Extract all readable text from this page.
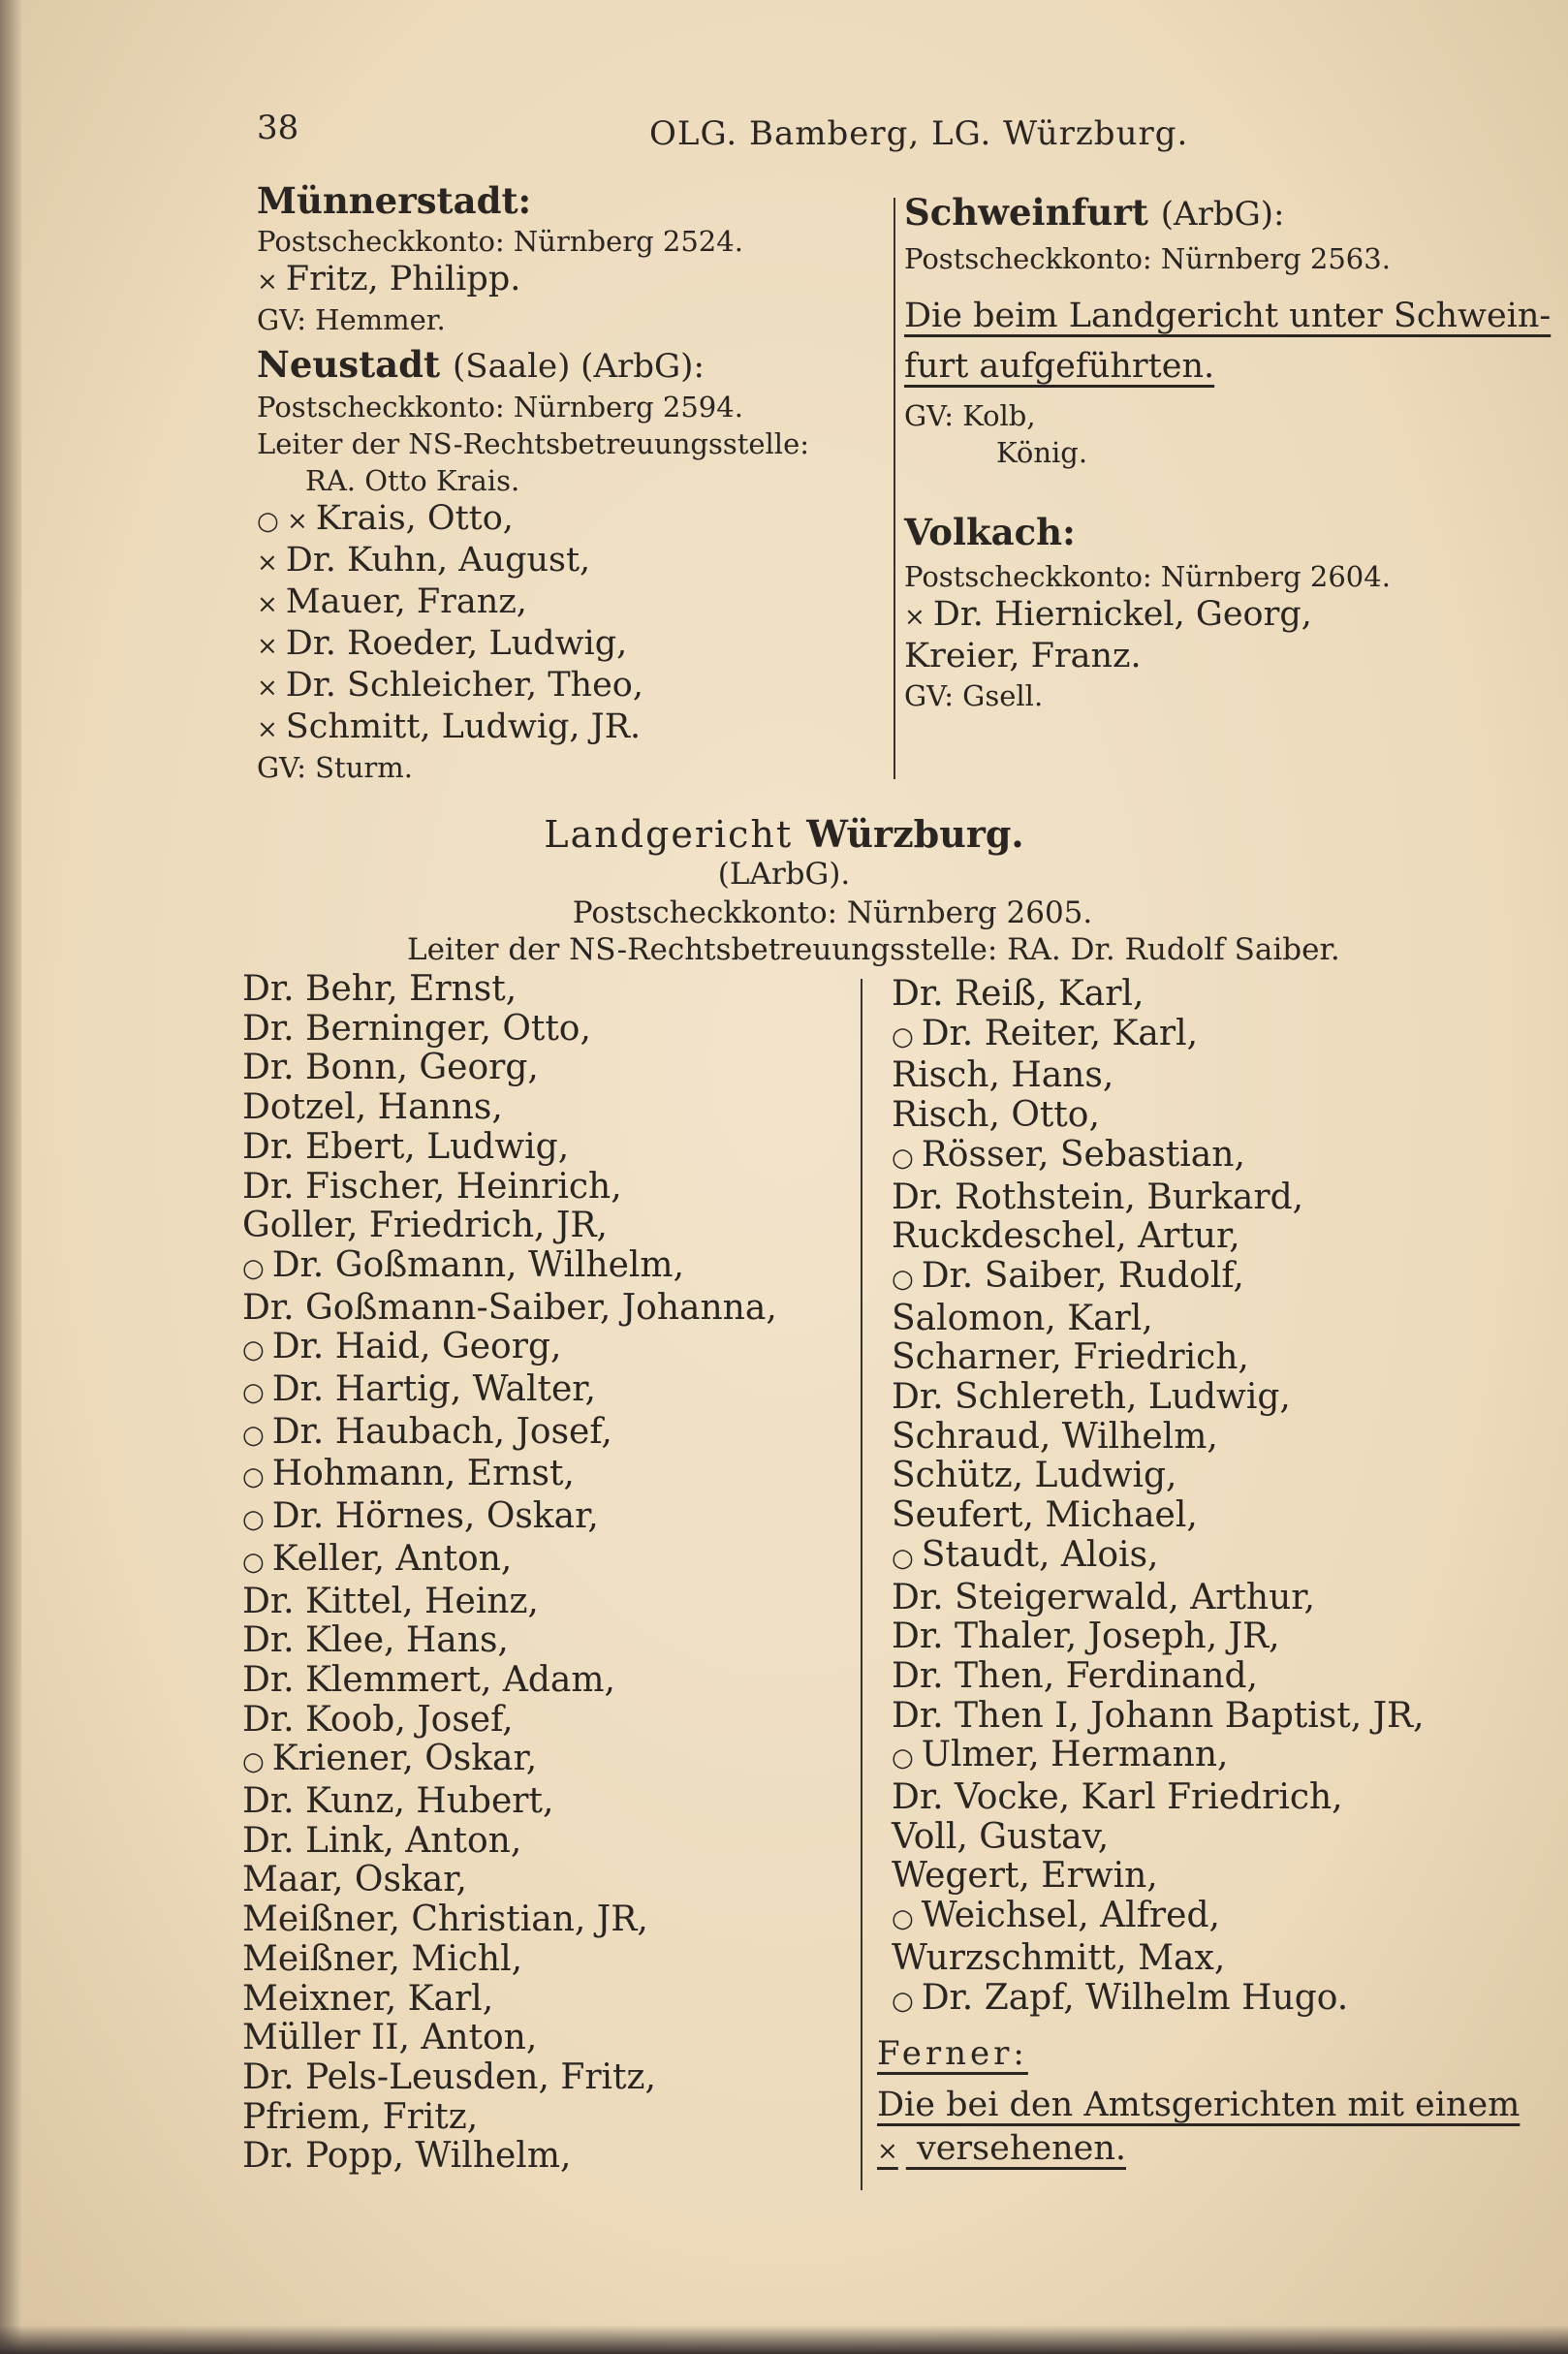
38	OLG. Bamberg, LG. Würzburg.
Münnerstadt:
Postscheckkonto: Nürnberg 2524.
× Fritz, Philipp.
GV: Hemmer.
Neustadt (Saale) (ArbG):
Postscheckkonto: Nürnberg 2594.
Leiter der NS-Rechtsbetreuungsstelle:
RA. Otto Krais.
○ × Krais, Otto,
× Dr. Kuhn, August,
× Mauer, Franz,
× Dr. Roeder, Ludwig,
× Dr. Schleicher, Theo,
× Schmitt, Ludwig, JR.
GV: Sturm.
Schweinfurt (ArbG):
Postscheckkonto: Nürnberg 2563.
Die beim Landgericht unter Schwein-
furt aufgeführten.
GV: Kolb,
König.
Volkach:
Postscheckkonto: Nürnberg 2604.
× Dr. Hiernickel, Georg,
Kreier, Franz.
GV: Gsell.
Landgericht Würzburg.
(LArbG).
Postscheckkonto: Nürnberg 2605.
Leiter der NS-Rechtsbetreuungsstelle: RA. Dr. Rudolf Saiber.
Dr. Behr, Ernst,
Dr. Berninger, Otto,
Dr. Bonn, Georg,
Dotzel, Hanns,
Dr. Ebert, Ludwig,
Dr. Fischer, Heinrich,
Goller, Friedrich, JR,
○ Dr. Goßmann, Wilhelm,
Dr. Goßmann-Saiber, Johanna,
○ Dr. Haid, Georg,
○ Dr. Hartig, Walter,
○ Dr. Haubach, Josef,
○ Hohmann, Ernst,
○ Dr. Hörnes, Oskar,
○ Keller, Anton,
Dr. Kittel, Heinz,
Dr. Klee, Hans,
Dr. Klemmert, Adam,
Dr. Koob, Josef,
○ Kriener, Oskar,
Dr. Kunz, Hubert,
Dr. Link, Anton,
Maar, Oskar,
Meißner, Christian, JR,
Meißner, Michl,
Meixner, Karl,
Müller II, Anton,
Dr. Pels-Leusden, Fritz,
Pfriem, Fritz,
Dr. Popp, Wilhelm,
Dr. Reiß, Karl,
○ Dr. Reiter, Karl,
Risch, Hans,
Risch, Otto,
○ Rösser, Sebastian,
Dr. Rothstein, Burkard,
Ruckdeschel, Artur,
○ Dr. Saiber, Rudolf,
Salomon, Karl,
Scharner, Friedrich,
Dr. Schlereth, Ludwig,
Schraud, Wilhelm,
Schütz, Ludwig,
Seufert, Michael,
○ Staudt, Alois,
Dr. Steigerwald, Arthur,
Dr. Thaler, Joseph, JR,
Dr. Then, Ferdinand,
Dr. Then I, Johann Baptist, JR,
○ Ulmer, Hermann,
Dr. Vocke, Karl Friedrich,
Voll, Gustav,
Wegert, Erwin,
○ Weichsel, Alfred,
Wurzschmitt, Max,
○ Dr. Zapf, Wilhelm Hugo.
Ferner:
Die bei den Amtsgerichten mit einem
× versehenen.
